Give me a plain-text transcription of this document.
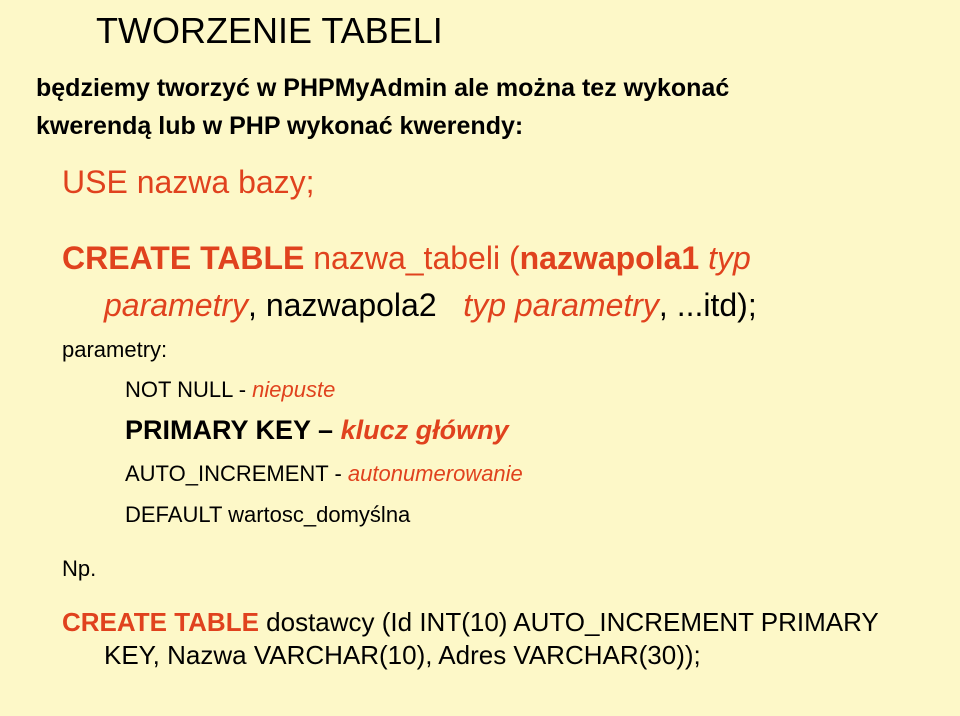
TWORZENIE TABELI
będziemy tworzyć w PHPMyAdmin ale można tez wykonać
kwerendą lub w PHP wykonać kwerendy:
USE nazwa bazy;
CREATE TABLE nazwa_tabeli (nazwapola1 typ
parametry, nazwapola2   typ parametry, ...itd);
parametry:
NOT NULL - niepuste
PRIMARY KEY – klucz główny
AUTO_INCREMENT - autonumerowanie
DEFAULT wartosc_domyślna
Np.
CREATE TABLE dostawcy (Id INT(10) AUTO_INCREMENT PRIMARY
KEY, Nazwa VARCHAR(10), Adres VARCHAR(30));
